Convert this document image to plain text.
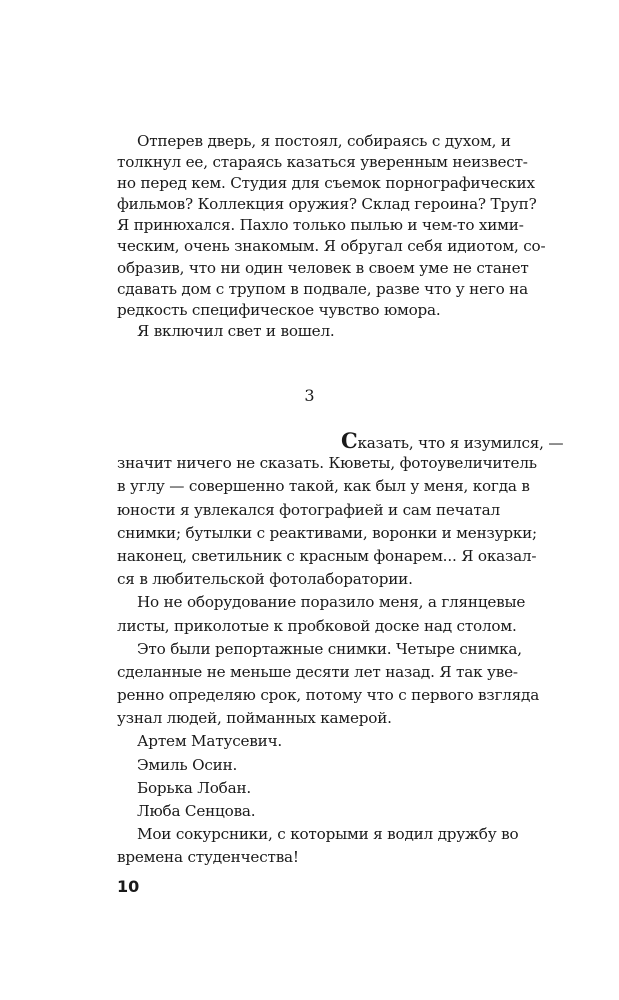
Отперев дверь, я постоял, собираясь с духом, и
толкнул ее, стараясь казаться уверенным неизвест-
но перед кем. Студия для съемок порнографических
фильмов? Коллекция оружия? Склад героина? Труп?
Я принюхался. Пахло только пылью и чем-то хими-
ческим, очень знакомым. Я обругал себя идиотом, со-
образив, что ни один человек в своем уме не станет
сдавать дом с трупом в подвале, разве что у него на
редкость специфическое чувство юмора.
Я включил свет и вошел.
3
Сказать, что я изумился, —
значит ничего не сказать. Кюветы, фотоувеличитель
в углу — совершенно такой, как был у меня, когда в
юности я увлекался фотографией и сам печатал
снимки; бутылки с реактивами, воронки и мензурки;
наконец, светильник с красным фонарем... Я оказал-
ся в любительской фотолаборатории.
Но не оборудование поразило меня, а глянцевые
листы, приколотые к пробковой доске над столом.
Это были репортажные снимки. Четыре снимка,
сделанные не меньше десяти лет назад. Я так уве-
ренно определяю срок, потому что с первого взгляда
узнал людей, пойманных камерой.
Артем Матусевич.
Эмиль Осин.
Борька Лобан.
Люба Сенцова.
Мои сокурсники, с которыми я водил дружбу во
времена студенчества!
10
